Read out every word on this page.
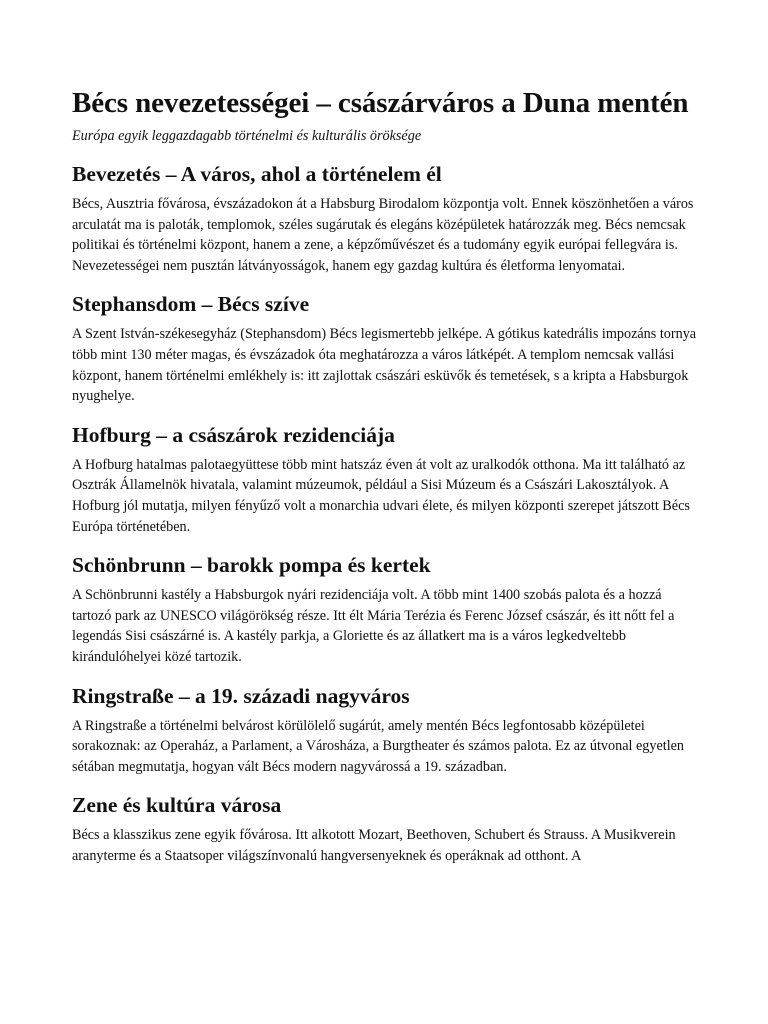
Bécs nevezetességei – császárváros a Duna mentén
Európa egyik leggazdagabb történelmi és kulturális öröksége
Bevezetés – A város, ahol a történelem él

Bécs, Ausztria fővárosa, évszázadokon át a Habsburg Birodalom központja volt. Ennek köszönhetően a város arculatát ma is paloták, templomok, széles sugárutak és elegáns középületek határozzák meg. Bécs nemcsak politikai és történelmi központ, hanem a zene, a képzőművészet és a tudomány egyik európai fellegvára is. Nevezetességei nem pusztán látványosságok, hanem egy gazdag kultúra és életforma lenyomatai.

Stephansdom – Bécs szíve

A Szent István-székesegyház (Stephansdom) Bécs legismertebb jelképe. A gótikus katedrális impozáns tornya több mint 130 méter magas, és évszázadok óta meghatározza a város látképét. A templom nemcsak vallási központ, hanem történelmi emlékhely is: itt zajlottak császári esküvők és temetések, s a kripta a Habsburgok nyughelye.

Hofburg – a császárok rezidenciája

A Hofburg hatalmas palotaegyüttese több mint hatszáz éven át volt az uralkodók otthona. Ma itt található az Osztrák Államelnök hivatala, valamint múzeumok, például a Sisi Múzeum és a Császári Lakosztályok. A Hofburg jól mutatja, milyen fényűző volt a monarchia udvari élete, és milyen központi szerepet játszott Bécs Európa történetében.

Schönbrunn – barokk pompa és kertek

A Schönbrunni kastély a Habsburgok nyári rezidenciája volt. A több mint 1400 szobás palota és a hozzá tartozó park az UNESCO világörökség része. Itt élt Mária Terézia és Ferenc József császár, és itt nőtt fel a legendás Sisi császárné is. A kastély parkja, a Gloriette és az állatkert ma is a város legkedveltebb kirándulóhelyei közé tartozik.

Ringstraße – a 19. századi nagyváros

A Ringstraße a történelmi belvárost körülölelő sugárút, amely mentén Bécs legfontosabb középületei sorakoznak: az Operaház, a Parlament, a Városháza, a Burgtheater és számos palota. Ez az útvonal egyetlen sétában megmutatja, hogyan vált Bécs modern nagyvárossá a 19. században.

Zene és kultúra városa

Bécs a klasszikus zene egyik fővárosa. Itt alkotott Mozart, Beethoven, Schubert és Strauss. A Musikverein aranyterme és a Staatsoper világszínvonalú hangversenyeknek és operáknak ad otthont. A
